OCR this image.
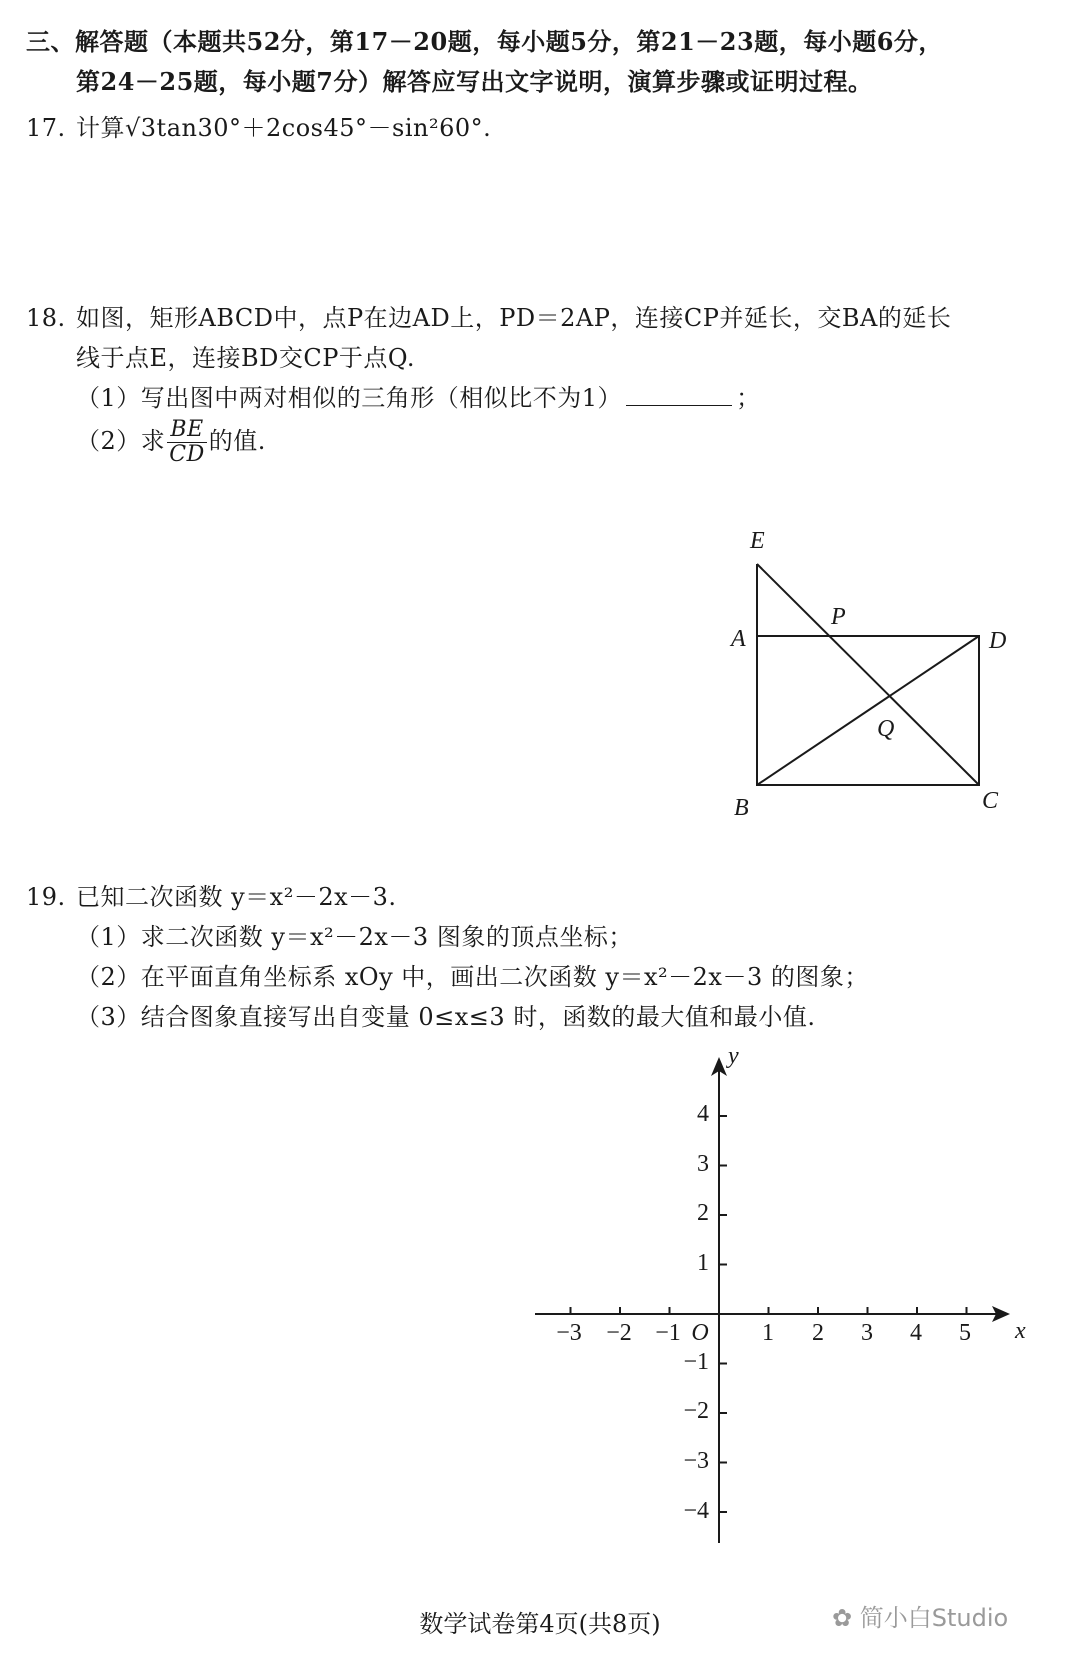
三、解答题（本题共52分，第17－20题，每小题5分，第21－23题，每小题6分，
第24－25题，每小题7分）解答应写出文字说明，演算步骤或证明过程。
17. 计算√3tan30°＋2cos45°－sin²60°.
18. 如图，矩形ABCD中，点P在边AD上，PD＝2AP，连接CP并延长，交BA的延长
线于点E，连接BD交CP于点Q.
（1）写出图中两对相似的三角形（相似比不为1）	；
（2）求 $\frac{BE}{CD}$ 的值.
E
A
P
D
Q
B	C
19. 已知二次函数 y＝x²－2x－3.
（1）求二次函数 y＝x²－2x－3 图象的顶点坐标；
（2）在平面直角坐标系 xOy 中，画出二次函数 y＝x²－2x－3 的图象；
（3）结合图象直接写出自变量 0≤x≤3 时，函数的最大值和最小值.
−3 −2 −1	1 2 3 4 5
4
3
2
1
−1
−2
−3
−4
O	x
y
数学试卷第4页(共8页)	✿ 简小白Studio
